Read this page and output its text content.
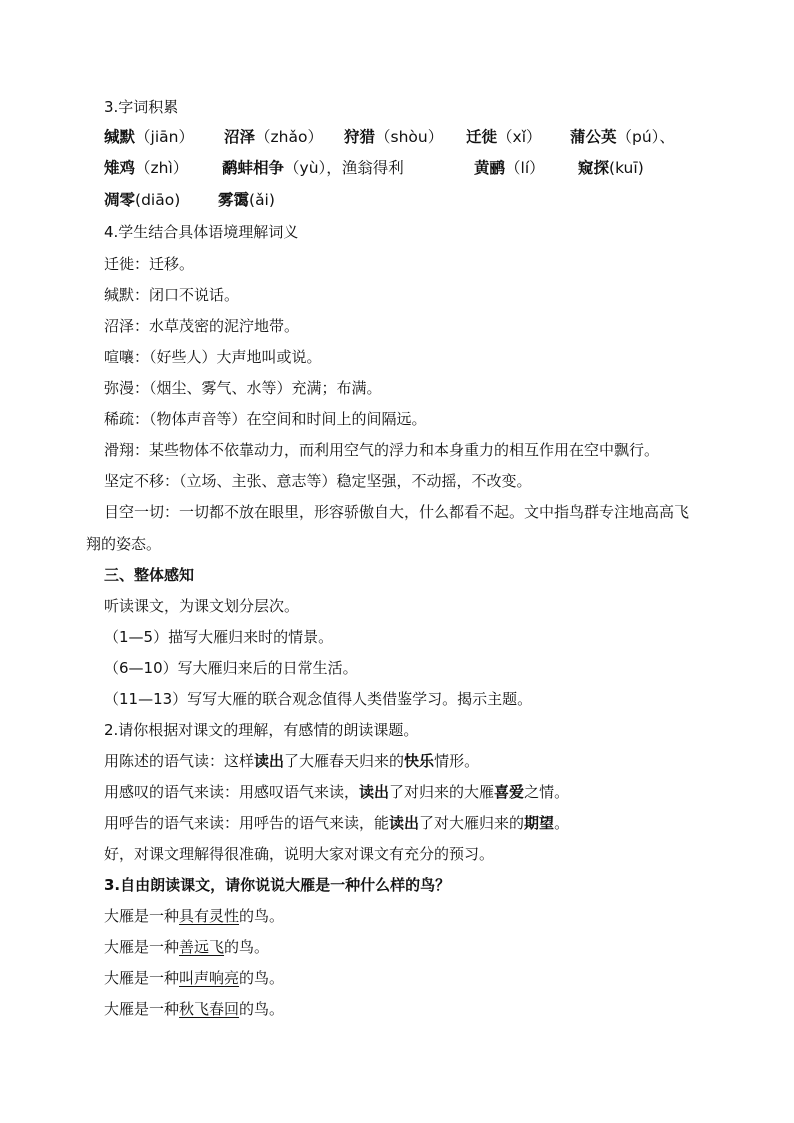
3.字词积累
缄默（jiān） 沼泽（zhǎo） 狩猎（shòu） 迁徙（xǐ） 蒲公英（pú）、
雉鸡（zhì） 鹬蚌相争（yù），渔翁得利	黄鹂（lí） 窥探(kuī)
凋零(diāo) 雾霭(ǎi)
4.学生结合具体语境理解词义
迁徙：迁移。
缄默：闭口不说话。
沼泽：水草茂密的泥泞地带。
喧嚷：（好些人）大声地叫或说。
弥漫：（烟尘、雾气、水等）充满；布满。
稀疏：（物体声音等）在空间和时间上的间隔远。
滑翔：某些物体不依靠动力，而利用空气的浮力和本身重力的相互作用在空中飘行。
坚定不移：（立场、主张、意志等）稳定坚强，不动摇，不改变。
目空一切：一切都不放在眼里，形容骄傲自大，什么都看不起。文中指鸟群专注地高高飞
翔的姿态。
三、整体感知
听读课文，为课文划分层次。
（1—5）描写大雁归来时的情景。
（6—10）写大雁归来后的日常生活。
（11—13）写写大雁的联合观念值得人类借鉴学习。揭示主题。
2.请你根据对课文的理解，有感情的朗读课题。
用陈述的语气读：这样读出了大雁春天归来的快乐情形。
用感叹的语气来读：用感叹语气来读，读出了对归来的大雁喜爱之情。
用呼告的语气来读：用呼告的语气来读，能读出了对大雁归来的期望。
好，对课文理解得很准确，说明大家对课文有充分的预习。
3.自由朗读课文，请你说说大雁是一种什么样的鸟？
大雁是一种具有灵性的鸟。
大雁是一种善远飞的鸟。
大雁是一种叫声响亮的鸟。
大雁是一种秋飞春回的鸟。
